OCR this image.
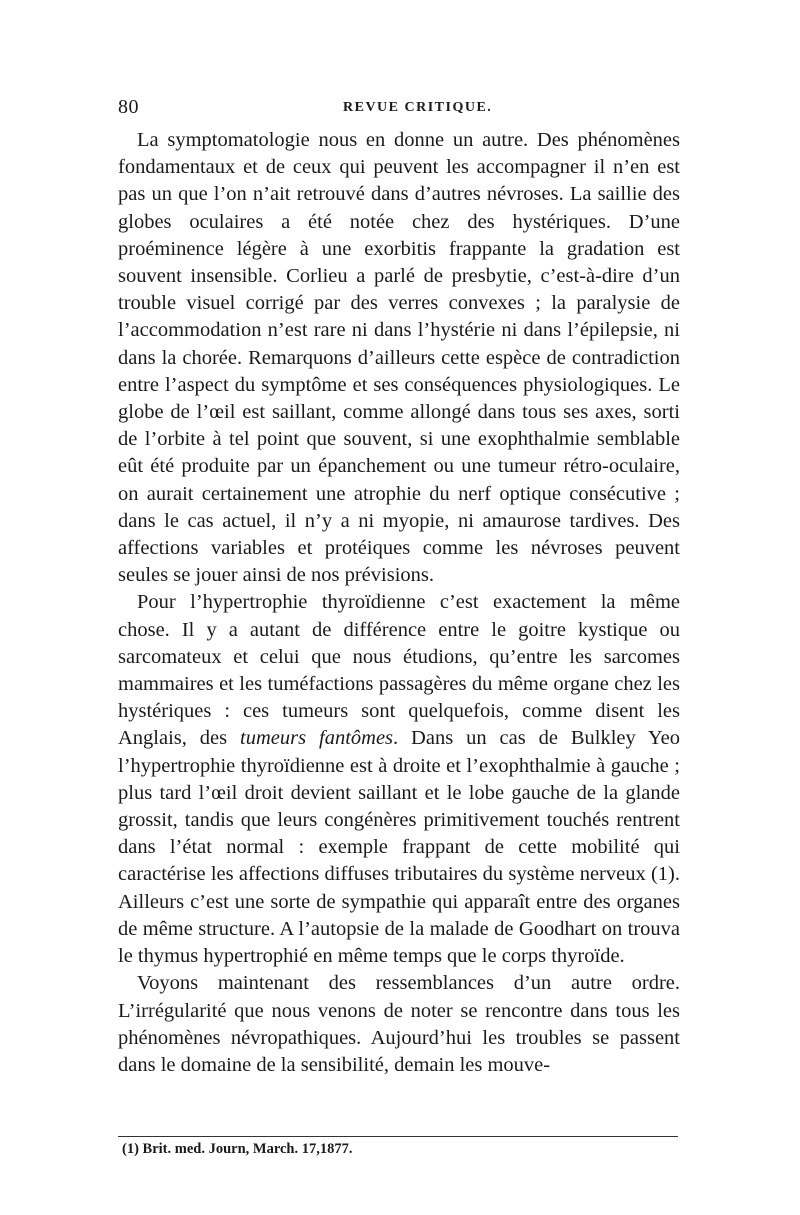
80	REVUE CRITIQUE.

La symptomatologie nous en donne un autre. Des phénomènes fondamentaux et de ceux qui peuvent les accompagner il n’en est pas un que l’on n’ait retrouvé dans d’autres névroses. La saillie des globes oculaires a été notée chez des hystériques. D’une proéminence légère à une exorbitis frappante la gradation est souvent insensible. Corlieu a parlé de presbytie, c’est-à-dire d’un trouble visuel corrigé par des verres convexes ; la paralysie de l’accommodation n’est rare ni dans l’hystérie ni dans l’épilepsie, ni dans la chorée. Remarquons d’ailleurs cette espèce de contradiction entre l’aspect du symptôme et ses conséquences physiologiques. Le globe de l’œil est saillant, comme allongé dans tous ses axes, sorti de l’orbite à tel point que souvent, si une exophthalmie semblable eût été produite par un épanchement ou une tumeur rétro-oculaire, on aurait certainement une atrophie du nerf optique consécutive ; dans le cas actuel, il n’y a ni myopie, ni amaurose tardives. Des affections variables et protéiques comme les névroses peuvent seules se jouer ainsi de nos prévisions.

Pour l’hypertrophie thyroïdienne c’est exactement la même chose. Il y a autant de différence entre le goitre kystique ou sarcomateux et celui que nous étudions, qu’entre les sarcomes mammaires et les tuméfactions passagères du même organe chez les hystériques : ces tumeurs sont quelquefois, comme disent les Anglais, des tumeurs fantômes. Dans un cas de Bulkley Yeo l’hypertrophie thyroïdienne est à droite et l’exophthalmie à gauche ; plus tard l’œil droit devient saillant et le lobe gauche de la glande grossit, tandis que leurs congénères primitivement touchés rentrent dans l’état normal : exemple frappant de cette mobilité qui caractérise les affections diffuses tributaires du système nerveux (1). Ailleurs c’est une sorte de sympathie qui apparaît entre des organes de même structure. A l’autopsie de la malade de Goodhart on trouva le thymus hypertrophié en même temps que le corps thyroïde.

Voyons maintenant des ressemblances d’un autre ordre. L’irrégularité que nous venons de noter se rencontre dans tous les phénomènes névropathiques. Aujourd’hui les troubles se passent dans le domaine de la sensibilité, demain les mouve-

(1) Brit. med. Journ, March. 17,1877.
